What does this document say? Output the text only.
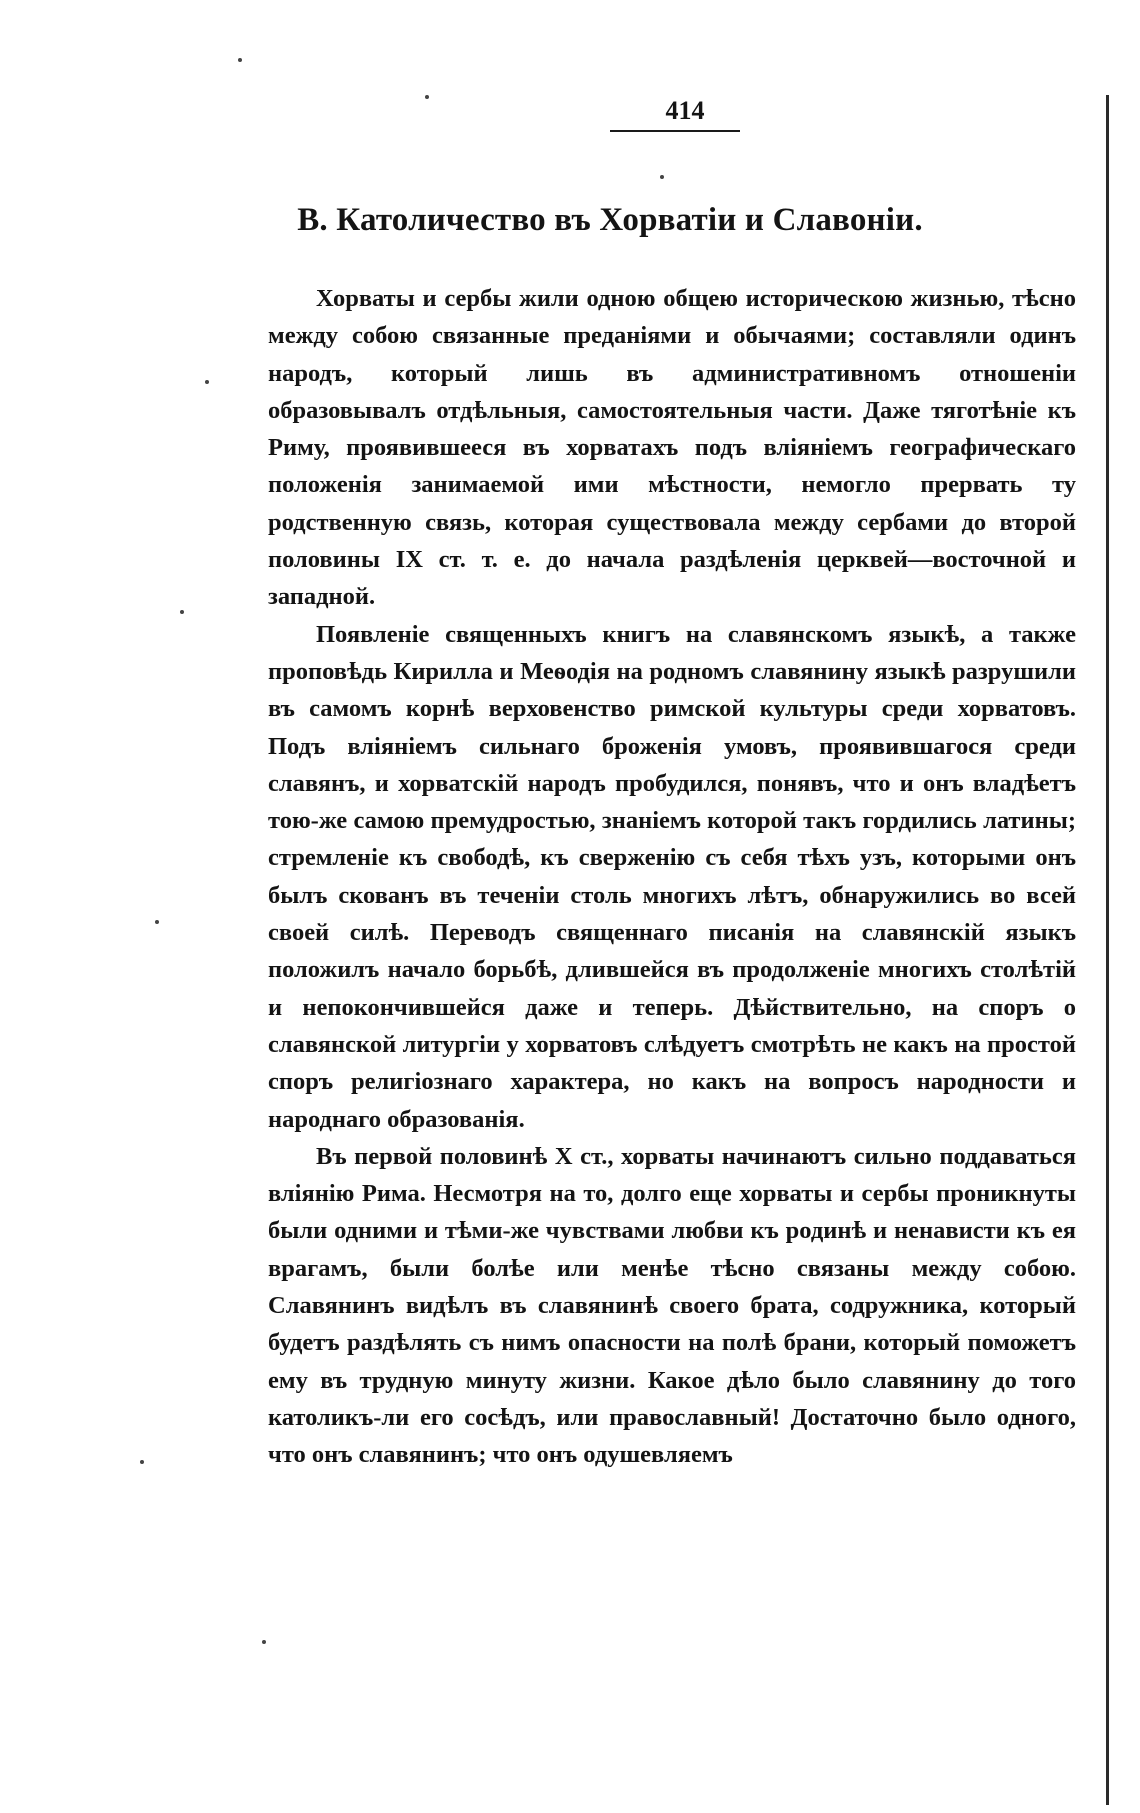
414
В. Католичество въ Хорватіи и Славоніи.

Хорваты и сербы жили одною общею историческою жизнью, тѣсно между собою связанные преданіями и обычаями; составляли одинъ народъ, который лишь въ административномъ отношеніи образовывалъ отдѣльныя, самостоятельныя части. Даже тяготѣніе къ Риму, проявившееся въ хорватахъ подъ вліяніемъ географическаго положенія занимаемой ими мѣстности, немогло прервать ту родственную связь, которая существовала между сербами до второй половины IX ст. т. е. до начала раздѣленія церквей—восточной и западной.

Появленіе священныхъ книгъ на славянскомъ языкѣ, а также проповѣдь Кирилла и Меѳодія на родномъ славянину языкѣ разрушили въ самомъ корнѣ верховенство римской культуры среди хорватовъ. Подъ вліяніемъ сильнаго броженія умовъ, проявившагося среди славянъ, и хорватскій народъ пробудился, понявъ, что и онъ владѣетъ тою-же самою премудростью, знаніемъ которой такъ гордились латины; стремленіе къ свободѣ, къ сверженію съ себя тѣхъ узъ, которыми онъ былъ скованъ въ теченіи столь многихъ лѣтъ, обнаружились во всей своей силѣ. Переводъ священнаго писанія на славянскій языкъ положилъ начало борьбѣ, длившейся въ продолженіе многихъ столѣтій и непокончившейся даже и теперь. Дѣйствительно, на споръ о славянской литургіи у хорватовъ слѣдуетъ смотрѣть не какъ на простой споръ религіознаго характера, но какъ на вопросъ народности и народнаго образованія.

Въ первой половинѣ X ст., хорваты начинаютъ сильно поддаваться вліянію Рима. Несмотря на то, долго еще хорваты и сербы проникнуты были одними и тѣми-же чувствами любви къ родинѣ и ненависти къ ея врагамъ, были болѣе или менѣе тѣсно связаны между собою. Славянинъ видѣлъ въ славянинѣ своего брата, содружника, который будетъ раздѣлять съ нимъ опасности на полѣ брани, который поможетъ ему въ трудную минуту жизни. Какое дѣло было славянину до того католикъ-ли его сосѣдъ, или православный! Достаточно было одного, что онъ славянинъ; что онъ одушевляемъ
